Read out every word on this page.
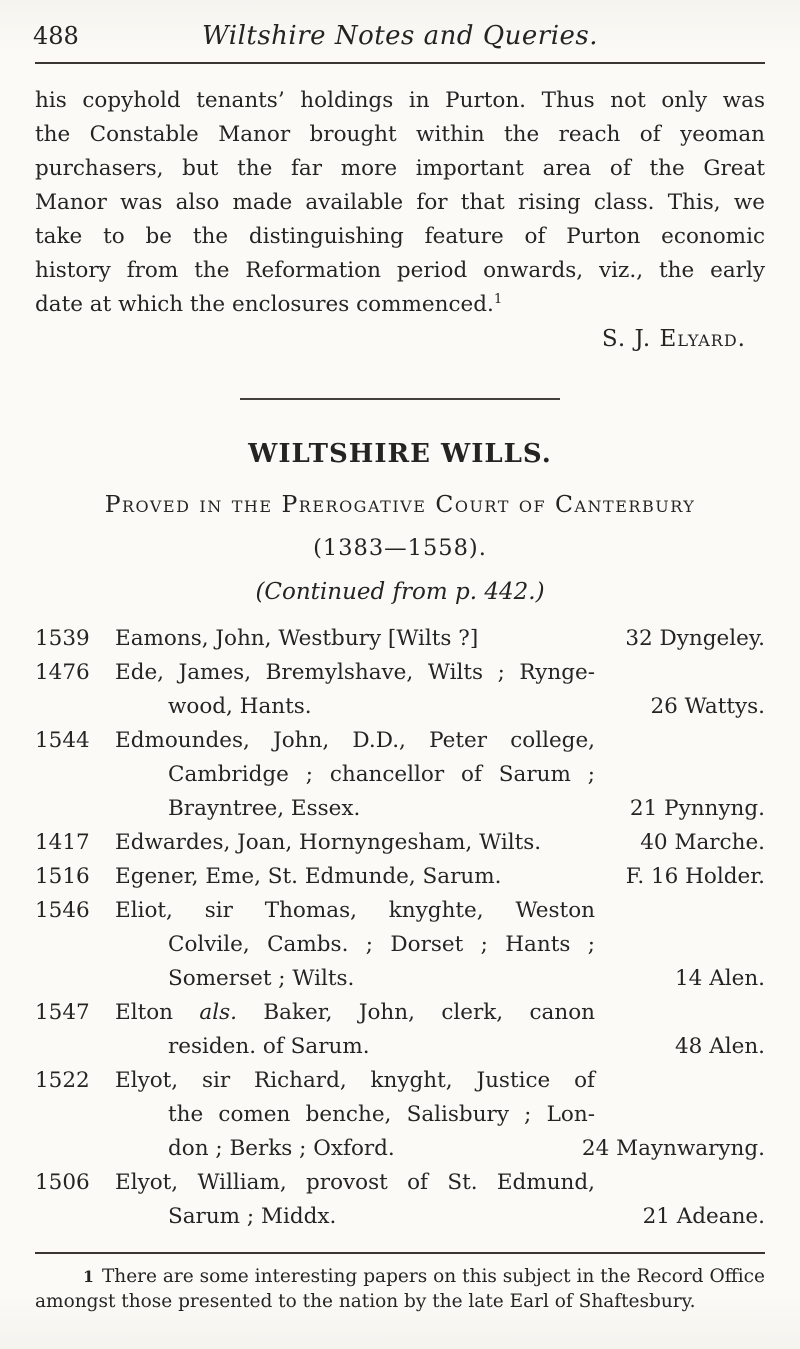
488	Wiltshire Notes and Queries.
his copyhold tenants’ holdings in Purton. Thus not only was
the Constable Manor brought within the reach of yeoman
purchasers, but the far more important area of the Great
Manor was also made available for that rising class. This, we
take to be the distinguishing feature of Purton economic
history from the Reformation period onwards, viz., the early
date at which the enclosures commenced.$^1$
S. J. Elyard.
WILTSHIRE WILLS.
Proved in the Prerogative Court of Canterbury
(1383—1558).
(Continued from p. 442.)
1539	Eamons, John, Westbury [Wilts ?]	32 Dyngeley.
1476	Ede, James, Bremylshave, Wilts ; Rynge-
wood, Hants.	26 Wattys.
1544	Edmoundes, John, D.D., Peter college,
Cambridge ; chancellor of Sarum ;
Brayntree, Essex.	21 Pynnyng.
1417	Edwardes, Joan, Hornyngesham, Wilts.	40 Marche.
1516	Egener, Eme, St. Edmunde, Sarum.	F. 16 Holder.
1546	Eliot, sir Thomas, knyghte, Weston
Colvile, Cambs. ; Dorset ; Hants ;
Somerset ; Wilts.	14 Alen.
1547	Elton als. Baker, John, clerk, canon
residen. of Sarum.	48 Alen.
1522	Elyot, sir Richard, knyght, Justice of
the comen benche, Salisbury ; Lon-
don ; Berks ; Oxford.	24 Maynwaryng.
1506	Elyot, William, provost of St. Edmund,
Sarum ; Middx.	21 Adeane.
1 There are some interesting papers on this subject in the Record Office
amongst those presented to the nation by the late Earl of Shaftesbury.
